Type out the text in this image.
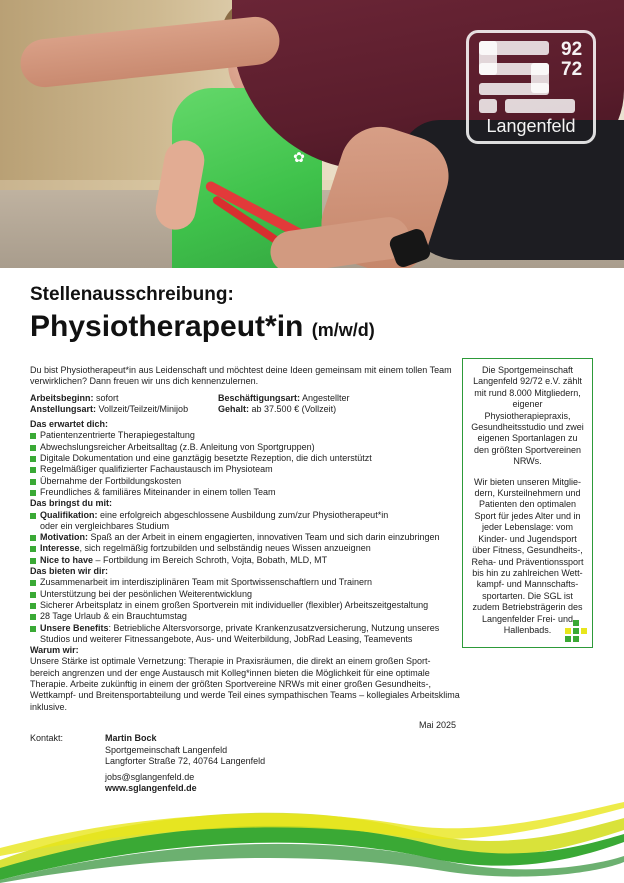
✿
92
72
Langenfeld
Stellenausschreibung:
Physiotherapeut*in (m/w/d)

Du bist Physiotherapeut*in aus Leidenschaft und möchtest deine Ideen gemeinsam mit einem tollen Team verwirklichen? Dann freuen wir uns dich kennenzulernen.

Arbeitsbeginn: sofort	Beschäftigungsart: Angestellter
Anstellungsart: Vollzeit/Teilzeit/Minijob	Gehalt: ab 37.500 € (Vollzeit)

Das erwartet dich:

Patientenzentrierte Therapiegestaltung
Abwechslungsreicher Arbeitsalltag (z.B. Anleitung von Sportgruppen)
Digitale Dokumentation und eine ganztägig besetzte Rezeption, die dich unterstützt
Regelmäßiger qualifizierter Fachaustausch im Physioteam
Übernahme der Fortbildungskosten
Freundliches & familiäres Miteinander in einem tollen Team

Das bringst du mit:

Qualifikation: eine erfolgreich abgeschlossene Ausbildung zum/zur Physiotherapeut*in
oder ein vergleichbares Studium
Motivation: Spaß an der Arbeit in einem engagierten, innovativen Team und sich darin einzubringen
Interesse, sich regelmäßig fortzubilden und selbständig neues Wissen anzueignen
Nice to have – Fortbildung im Bereich Schroth, Vojta, Bobath, MLD, MT

Das bieten wir dir:

Zusammenarbeit im interdisziplinären Team mit Sportwissenschaftlern und Trainern
Unterstützung bei der pesönlichen Weiterentwicklung
Sicherer Arbeitsplatz in einem großen Sportverein mit individueller (flexibler) Arbeitszeitgestaltung
28 Tage Urlaub & ein Brauchtumstag
Unsere Benefits: Betriebliche Altersvorsorge, private Krankenzusatzversicherung, Nutzung unseres
Studios und weiterer Fitnessangebote, Aus- und Weiterbildung, JobRad Leasing, Teamevents

Warum wir:

Unsere Stärke ist optimale Vernetzung: Therapie in Praxisräumen, die direkt an einem großen Sport-bereich angrenzen und der enge Austausch mit Kolleg*innen bieten die Möglichkeit für eine optimale Therapie. Arbeite zukünftig in einem der größten Sportvereine NRWs mit einer großen Gesundheits-, Wettkampf- und Breitensportabteilung und werde Teil eines sympathischen Teams – kollegiales Arbeitsklima inklusive.

Mai 2025
Kontakt:	Martin Bock
Sportgemeinschaft Langenfeld
Langforter Straße 72, 40764 Langenfeld
jobs@sglangenfeld.de
www.sglangenfeld.de

Die Sportgemeinschaft Langenfeld 92/72 e.V. zählt mit rund 8.000 Mitgliedern, eigener Physiotherapiepraxis, Gesundheitsstudio und zwei eigenen Sportanlagen zu den größten Sportvereinen NRWs.

Wir bieten unseren Mitglie-dern, Kursteilnehmern und Patienten den optimalen Sport für jedes Alter und in jeder Lebenslage: vom Kinder- und Jugendsport über Fitness, Gesundheits-, Reha- und Präventionssport bis hin zu zahlreichen Wett-kampf- und Mannschafts-sportarten. Die SGL ist zudem Betriebsträgerin des Langenfelder Frei- und Hallenbads.
